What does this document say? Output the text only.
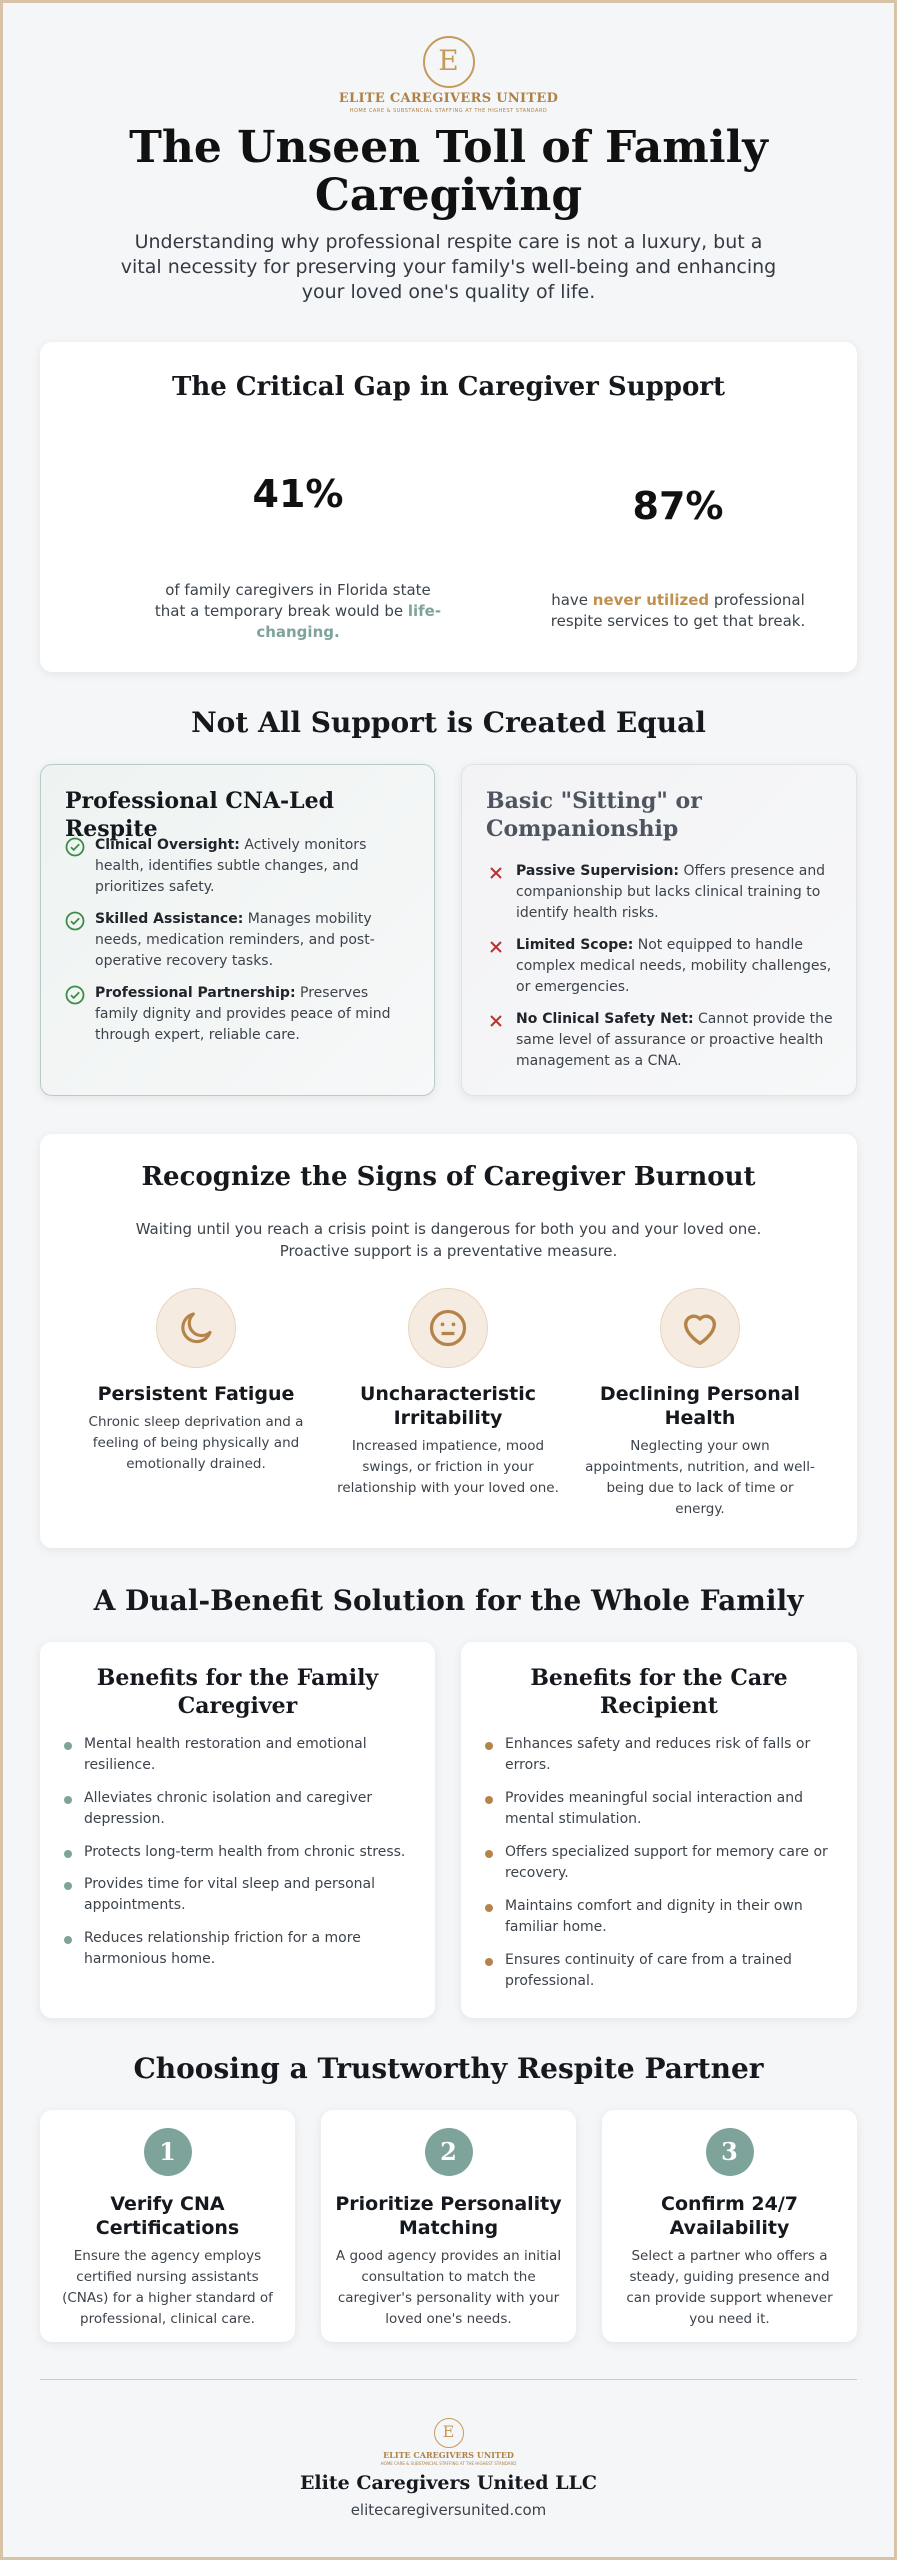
E
ELITE CAREGIVERS UNITED
HOME CARE & SUBSTANCIAL STAFFING AT THE HIGHEST STANDARD
The Unseen Toll of Family Caregiving

Understanding why professional respite care is not a luxury, but a vital necessity for preserving your family's well-being and enhancing your loved one's quality of life.

The Critical Gap in Caregiver Support
41%
of family caregivers in Florida state that a temporary break would be life-changing.
87%
have never utilized professional respite services to get that break.
Not All Support is Created Equal
Professional CNA-Led Respite
Clinical Oversight: Actively monitors health, identifies subtle changes, and prioritizes safety.
Skilled Assistance: Manages mobility needs, medication reminders, and post-operative recovery tasks.
Professional Partnership: Preserves family dignity and provides peace of mind through expert, reliable care.
Basic "Sitting" or Companionship
Passive Supervision: Offers presence and companionship but lacks clinical training to identify health risks.
Limited Scope: Not equipped to handle complex medical needs, mobility challenges, or emergencies.
No Clinical Safety Net: Cannot provide the same level of assurance or proactive health management as a CNA.
Recognize the Signs of Caregiver Burnout
Waiting until you reach a crisis point is dangerous for both you and your loved one. Proactive support is a preventative measure.
Persistent Fatigue
Chronic sleep deprivation and a feeling of being physically and emotionally drained.
Uncharacteristic Irritability
Increased impatience, mood swings, or friction in your relationship with your loved one.
Declining Personal Health
Neglecting your own appointments, nutrition, and well-being due to lack of time or energy.
A Dual-Benefit Solution for the Whole Family
Benefits for the Family Caregiver
Mental health restoration and emotional resilience.
Alleviates chronic isolation and caregiver depression.
Protects long-term health from chronic stress.
Provides time for vital sleep and personal appointments.
Reduces relationship friction for a more harmonious home.
Benefits for the Care Recipient
Enhances safety and reduces risk of falls or errors.
Provides meaningful social interaction and mental stimulation.
Offers specialized support for memory care or recovery.
Maintains comfort and dignity in their own familiar home.
Ensures continuity of care from a trained professional.
Choosing a Trustworthy Respite Partner
1
Verify CNA Certifications
Ensure the agency employs certified nursing assistants (CNAs) for a higher standard of professional, clinical care.
2
Prioritize Personality Matching
A good agency provides an initial consultation to match the caregiver's personality with your loved one's needs.
3
Confirm 24/7 Availability
Select a partner who offers a steady, guiding presence and can provide support whenever you need it.
E
ELITE CAREGIVERS UNITED
HOME CARE & SUBSTANCIAL STAFFING AT THE HIGHEST STANDARD
Elite Caregivers United LLC
elitecaregiversunited.com
